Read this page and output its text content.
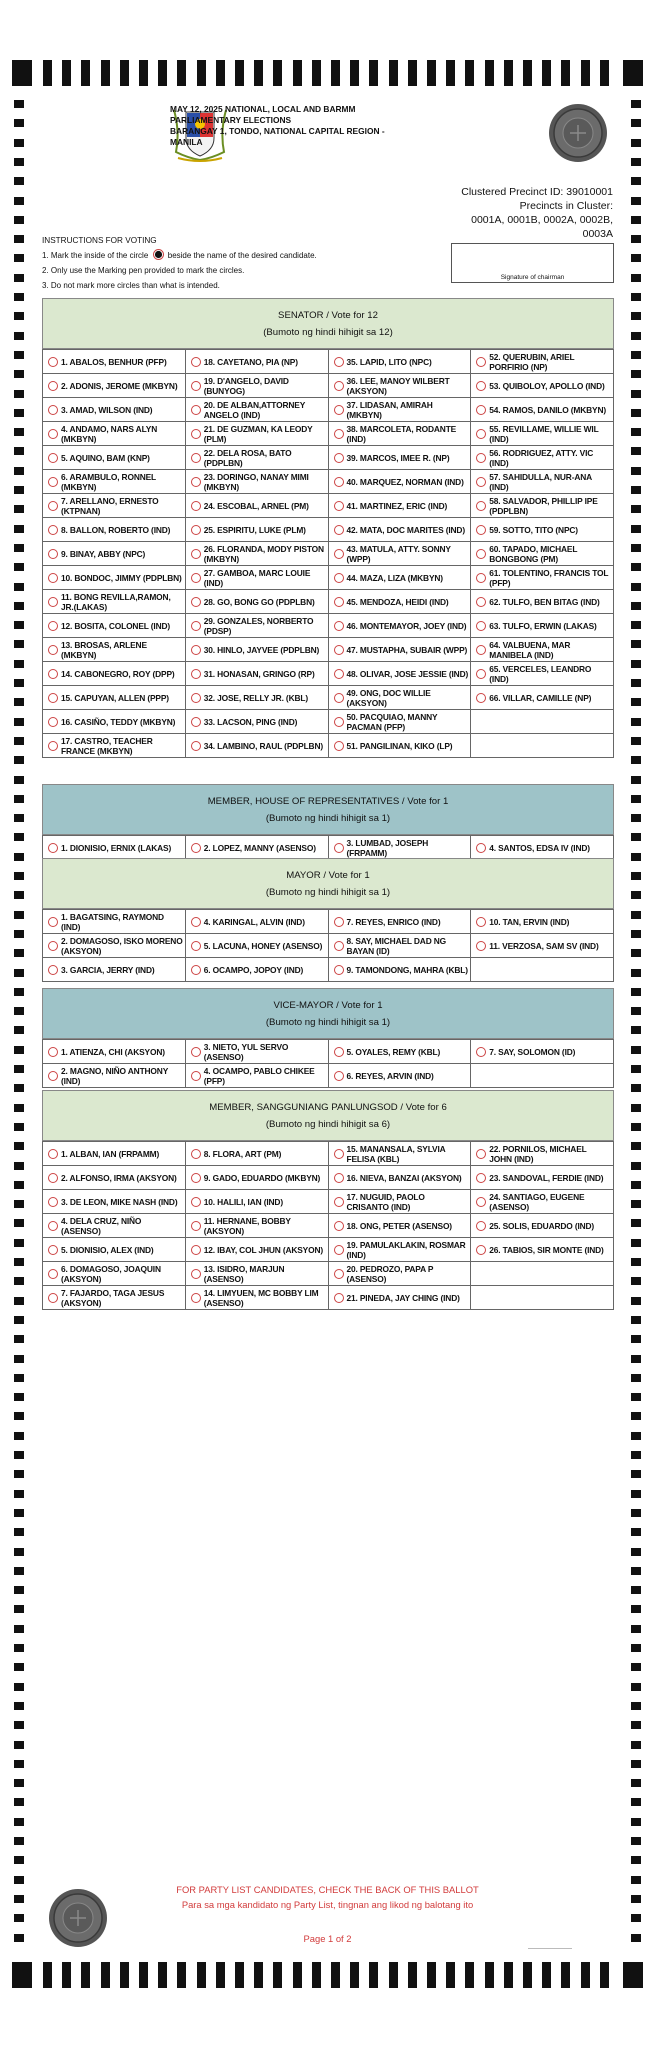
MAY 12, 2025 NATIONAL, LOCAL AND BARMM
PARLIAMENTARY ELECTIONS
BARANGAY 1, TONDO, NATIONAL CAPITAL REGION -
MANILA
Clustered Precinct ID: 39010001
Precincts in Cluster:
0001A, 0001B, 0002A, 0002B,
0003A
INSTRUCTIONS FOR VOTING
1. Mark the inside of the circle beside the name of the desired candidate.
2. Only use the Marking pen provided to mark the circles.
3. Do not mark more circles than what is intended.
Signature of chairman
SENATOR / Vote for 12
(Bumoto ng hindi hihigit sa 12)
1. ABALOS, BENHUR (PFP)	18. CAYETANO, PIA (NP)	35. LAPID, LITO (NPC)	52. QUERUBIN, ARIEL PORFIRIO (NP)

2. ADONIS, JEROME (MKBYN)	19. D'ANGELO, DAVID (BUNYOG)	36. LEE, MANOY WILBERT (AKSYON)	53. QUIBOLOY, APOLLO (IND)

3. AMAD, WILSON (IND)	20. DE ALBAN,ATTORNEY ANGELO (IND)	37. LIDASAN, AMIRAH (MKBYN)	54. RAMOS, DANILO (MKBYN)

4. ANDAMO, NARS ALYN (MKBYN)	21. DE GUZMAN, KA LEODY (PLM)	38. MARCOLETA, RODANTE (IND)	55. REVILLAME, WILLIE WIL (IND)

5. AQUINO, BAM (KNP)	22. DELA ROSA, BATO (PDPLBN)	39. MARCOS, IMEE R. (NP)	56. RODRIGUEZ, ATTY. VIC (IND)

6. ARAMBULO, RONNEL (MKBYN)	23. DORINGO, NANAY MIMI (MKBYN)	40. MARQUEZ, NORMAN (IND)	57. SAHIDULLA, NUR-ANA (IND)

7. ARELLANO, ERNESTO (KTPNAN)	24. ESCOBAL, ARNEL (PM)	41. MARTINEZ, ERIC (IND)	58. SALVADOR, PHILLIP IPE (PDPLBN)

8. BALLON, ROBERTO (IND)	25. ESPIRITU, LUKE (PLM)	42. MATA, DOC MARITES (IND)	59. SOTTO, TITO (NPC)

9. BINAY, ABBY (NPC)	26. FLORANDA, MODY PISTON (MKBYN)	43. MATULA, ATTY. SONNY (WPP)	60. TAPADO, MICHAEL BONGBONG (PM)

10. BONDOC, JIMMY (PDPLBN)	27. GAMBOA, MARC LOUIE (IND)	44. MAZA, LIZA (MKBYN)	61. TOLENTINO, FRANCIS TOL (PFP)

11. BONG REVILLA,RAMON, JR.(LAKAS)	28. GO, BONG GO (PDPLBN)	45. MENDOZA, HEIDI (IND)	62. TULFO, BEN BITAG (IND)

12. BOSITA, COLONEL (IND)	29. GONZALES, NORBERTO (PDSP)	46. MONTEMAYOR, JOEY (IND)	63. TULFO, ERWIN (LAKAS)

13. BROSAS, ARLENE (MKBYN)	30. HINLO, JAYVEE (PDPLBN)	47. MUSTAPHA, SUBAIR (WPP)	64. VALBUENA, MAR MANIBELA (IND)

14. CABONEGRO, ROY (DPP)	31. HONASAN, GRINGO (RP)	48. OLIVAR, JOSE JESSIE (IND)	65. VERCELES, LEANDRO (IND)

15. CAPUYAN, ALLEN (PPP)	32. JOSE, RELLY JR. (KBL)	49. ONG, DOC WILLIE (AKSYON)	66. VILLAR, CAMILLE (NP)

16. CASIÑO, TEDDY (MKBYN)	33. LACSON, PING (IND)	50. PACQUIAO, MANNY PACMAN (PFP)	

17. CASTRO, TEACHER FRANCE (MKBYN)	34. LAMBINO, RAUL (PDPLBN)	51. PANGILINAN, KIKO (LP)	
MEMBER, HOUSE OF REPRESENTATIVES / Vote for 1
(Bumoto ng hindi hihigit sa 1)
1. DIONISIO, ERNIX (LAKAS)	2. LOPEZ, MANNY (ASENSO)	3. LUMBAD, JOSEPH (FRPAMM)	4. SANTOS, EDSA IV (IND)
MAYOR / Vote for 1
(Bumoto ng hindi hihigit sa 1)
1. BAGATSING, RAYMOND (IND)	4. KARINGAL, ALVIN (IND)	7. REYES, ENRICO (IND)	10. TAN, ERVIN (IND)

2. DOMAGOSO, ISKO MORENO (AKSYON)	5. LACUNA, HONEY (ASENSO)	8. SAY, MICHAEL DAD NG BAYAN (ID)	11. VERZOSA, SAM SV (IND)

3. GARCIA, JERRY (IND)	6. OCAMPO, JOPOY (IND)	9. TAMONDONG, MAHRA (KBL)	
VICE-MAYOR / Vote for 1
(Bumoto ng hindi hihigit sa 1)
1. ATIENZA, CHI (AKSYON)	3. NIETO, YUL SERVO (ASENSO)	5. OYALES, REMY (KBL)	7. SAY, SOLOMON (ID)

2. MAGNO, NIÑO ANTHONY (IND)	4. OCAMPO, PABLO CHIKEE (PFP)	6. REYES, ARVIN (IND)	
MEMBER, SANGGUNIANG PANLUNGSOD / Vote for 6
(Bumoto ng hindi hihigit sa 6)
1. ALBAN, IAN (FRPAMM)	8. FLORA, ART (PM)	15. MANANSALA, SYLVIA FELISA (KBL)	22. PORNILOS, MICHAEL JOHN (IND)

2. ALFONSO, IRMA (AKSYON)	9. GADO, EDUARDO (MKBYN)	16. NIEVA, BANZAI (AKSYON)	23. SANDOVAL, FERDIE (IND)

3. DE LEON, MIKE NASH (IND)	10. HALILI, IAN (IND)	17. NUGUID, PAOLO CRISANTO (IND)	24. SANTIAGO, EUGENE (ASENSO)

4. DELA CRUZ, NIÑO (ASENSO)	11. HERNANE, BOBBY (AKSYON)	18. ONG, PETER (ASENSO)	25. SOLIS, EDUARDO (IND)

5. DIONISIO, ALEX (IND)	12. IBAY, COL JHUN (AKSYON)	19. PAMULAKLAKIN, ROSMAR (IND)	26. TABIOS, SIR MONTE (IND)

6. DOMAGOSO, JOAQUIN (AKSYON)	13. ISIDRO, MARJUN (ASENSO)	20. PEDROZO, PAPA P (ASENSO)	

7. FAJARDO, TAGA JESUS (AKSYON)	14. LIMYUEN, MC BOBBY LIM (ASENSO)	21. PINEDA, JAY CHING (IND)	
FOR PARTY LIST CANDIDATES, CHECK THE BACK OF THIS BALLOT
Para sa mga kandidato ng Party List, tingnan ang likod ng balotang ito
Page 1 of 2
